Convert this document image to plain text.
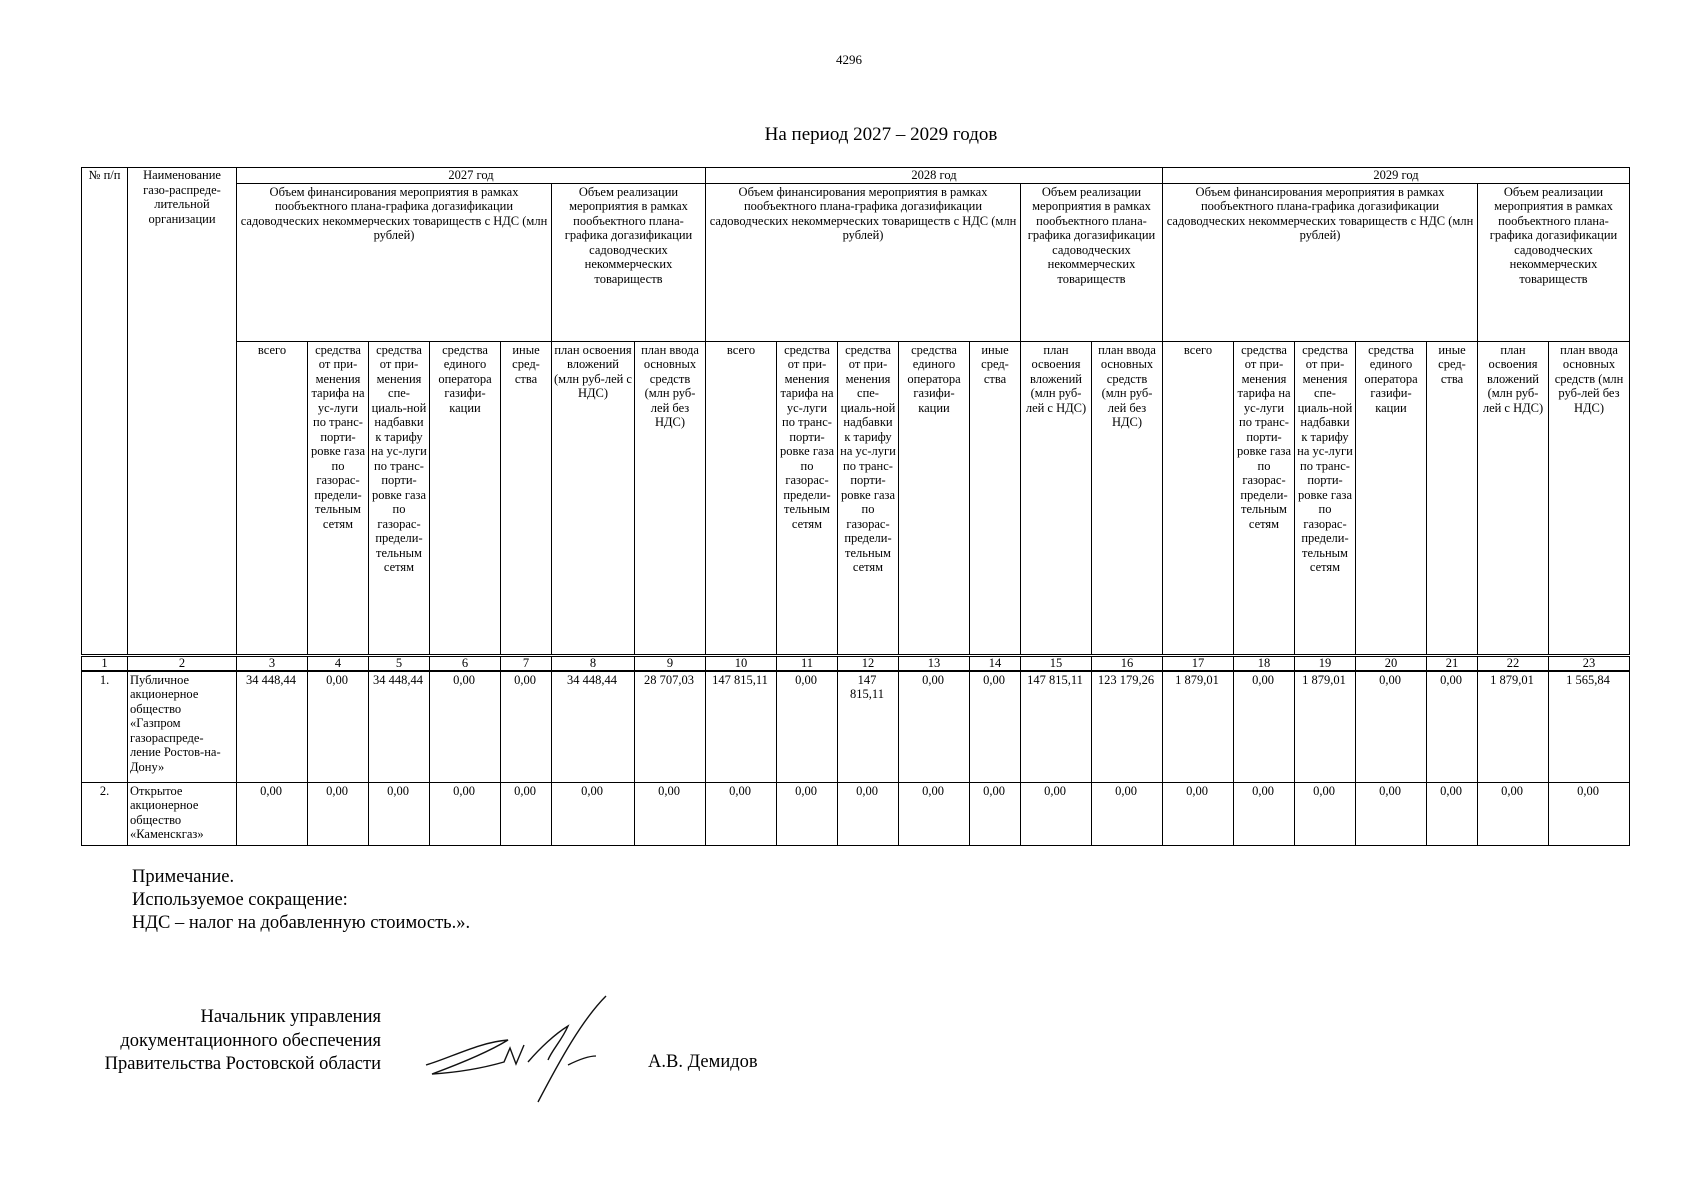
4296
На период 2027 – 2029 годов
№ п/п	Наименование газо-распреде-лительной организации	2027 год							2028 год							2029 год						
		Объем финансирования мероприятия в рамках пообъектного плана-графика догазификации садоводческих некоммерческих товариществ с НДС (млн рублей)					Объем реализации мероприятия в рамках пообъектного плана-графика догазификации садоводческих некоммерческих товариществ		Объем финансирования мероприятия в рамках пообъектного плана-графика догазификации садоводческих некоммерческих товариществ с НДС (млн рублей)					Объем реализации мероприятия в рамках пообъектного плана-графика догазификации садоводческих некоммерческих товариществ		Объем финансирования мероприятия в рамках пообъектного плана-графика догазификации садоводческих некоммерческих товариществ с НДС (млн рублей)					Объем реализации мероприятия в рамках пообъектного плана-графика догазификации садоводческих некоммерческих товариществ	
		всего	средства от при-менения тарифа на ус-луги по транс-порти-ровке газа по газорас-предели-тельным сетям	средства от при-менения спе-циаль-ной надбавки к тарифу на ус-луги по транс-порти-ровке газа по газорас-предели-тельным сетям	средства единого оператора газифи-кации	иные сред-ства	план освоения вложений (млн руб-лей с НДС)	план ввода основных средств (млн руб-лей без НДС)	всего	средства от при-менения тарифа на ус-луги по транс-порти-ровке газа по газорас-предели-тельным сетям	средства от при-менения спе-циаль-ной надбавки к тарифу на ус-луги по транс-порти-ровке газа по газорас-предели-тельным сетям	средства единого оператора газифи-кации	иные сред-ства	план освоения вложений (млн руб-лей с НДС)	план ввода основных средств (млн руб-лей без НДС)	всего	средства от при-менения тарифа на ус-луги по транс-порти-ровке газа по газорас-предели-тельным сетям	средства от при-менения спе-циаль-ной надбавки к тарифу на ус-луги по транс-порти-ровке газа по газорас-предели-тельным сетям	средства единого оператора газифи-кации	иные сред-ства	план освоения вложений (млн руб-лей с НДС)	план ввода основных средств (млн руб-лей без НДС)
1	2	3	4	5	6	7	8	9	10	11	12	13	14	15	16	17	18	19	20	21	22	23
1.	Публичное акционерное общество «Газпром газораспреде-ление Ростов-на-Дону»	34 448,44	0,00	34 448,44	0,00	0,00	34 448,44	28 707,03	147 815,11	0,00	147 815,11	0,00	0,00	147 815,11	123 179,26	1 879,01	0,00	1 879,01	0,00	0,00	1 879,01	1 565,84
2.	Открытое акционерное общество «Каменскгаз»	0,00	0,00	0,00	0,00	0,00	0,00	0,00	0,00	0,00	0,00	0,00	0,00	0,00	0,00	0,00	0,00	0,00	0,00	0,00	0,00	0,00
Примечание.
Используемое сокращение:
НДС – налог на добавленную стоимость.».
Начальник управления
документационного обеспечения
Правительства Ростовской области	А.В. Демидов
